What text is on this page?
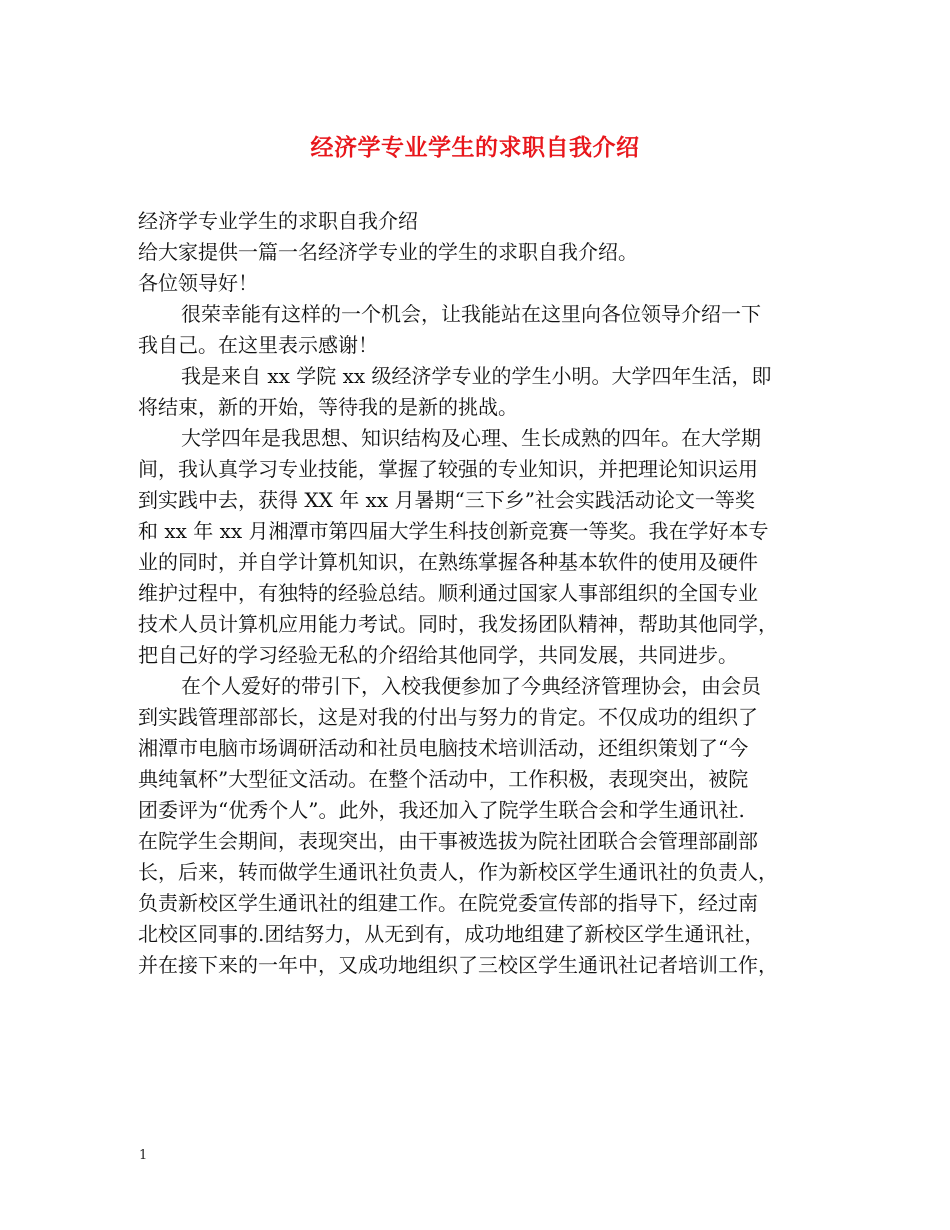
经济学专业学生的求职自我介绍
经济学专业学生的求职自我介绍
给大家提供一篇一名经济学专业的学生的求职自我介绍。
各位领导好！
很荣幸能有这样的一个机会，让我能站在这里向各位领导介绍一下
我自己。在这里表示感谢！
我是来自 xx 学院 xx 级经济学专业的学生小明。大学四年生活，即
将结束，新的开始，等待我的是新的挑战。
大学四年是我思想、知识结构及心理、生长成熟的四年。在大学期
间，我认真学习专业技能，掌握了较强的专业知识，并把理论知识运用
到实践中去，获得 XX 年 xx 月暑期“三下乡”社会实践活动论文一等奖
和 xx 年 xx 月湘潭市第四届大学生科技创新竞赛一等奖。我在学好本专
业的同时，并自学计算机知识，在熟练掌握各种基本软件的使用及硬件
维护过程中，有独特的经验总结。顺利通过国家人事部组织的全国专业
技术人员计算机应用能力考试。同时，我发扬团队精神，帮助其他同学，
把自己好的学习经验无私的介绍给其他同学，共同发展，共同进步。
在个人爱好的带引下，入校我便参加了今典经济管理协会，由会员
到实践管理部部长，这是对我的付出与努力的肯定。不仅成功的组织了
湘潭市电脑市场调研活动和社员电脑技术培训活动，还组织策划了“今
典纯氧杯”大型征文活动。在整个活动中，工作积极，表现突出，被院
团委评为“优秀个人”。此外，我还加入了院学生联合会和学生通讯社.
在院学生会期间，表现突出，由干事被选拔为院社团联合会管理部副部
长，后来，转而做学生通讯社负责人，作为新校区学生通讯社的负责人，
负责新校区学生通讯社的组建工作。在院党委宣传部的指导下，经过南
北校区同事的.团结努力，从无到有，成功地组建了新校区学生通讯社，
并在接下来的一年中，又成功地组织了三校区学生通讯社记者培训工作，
1
